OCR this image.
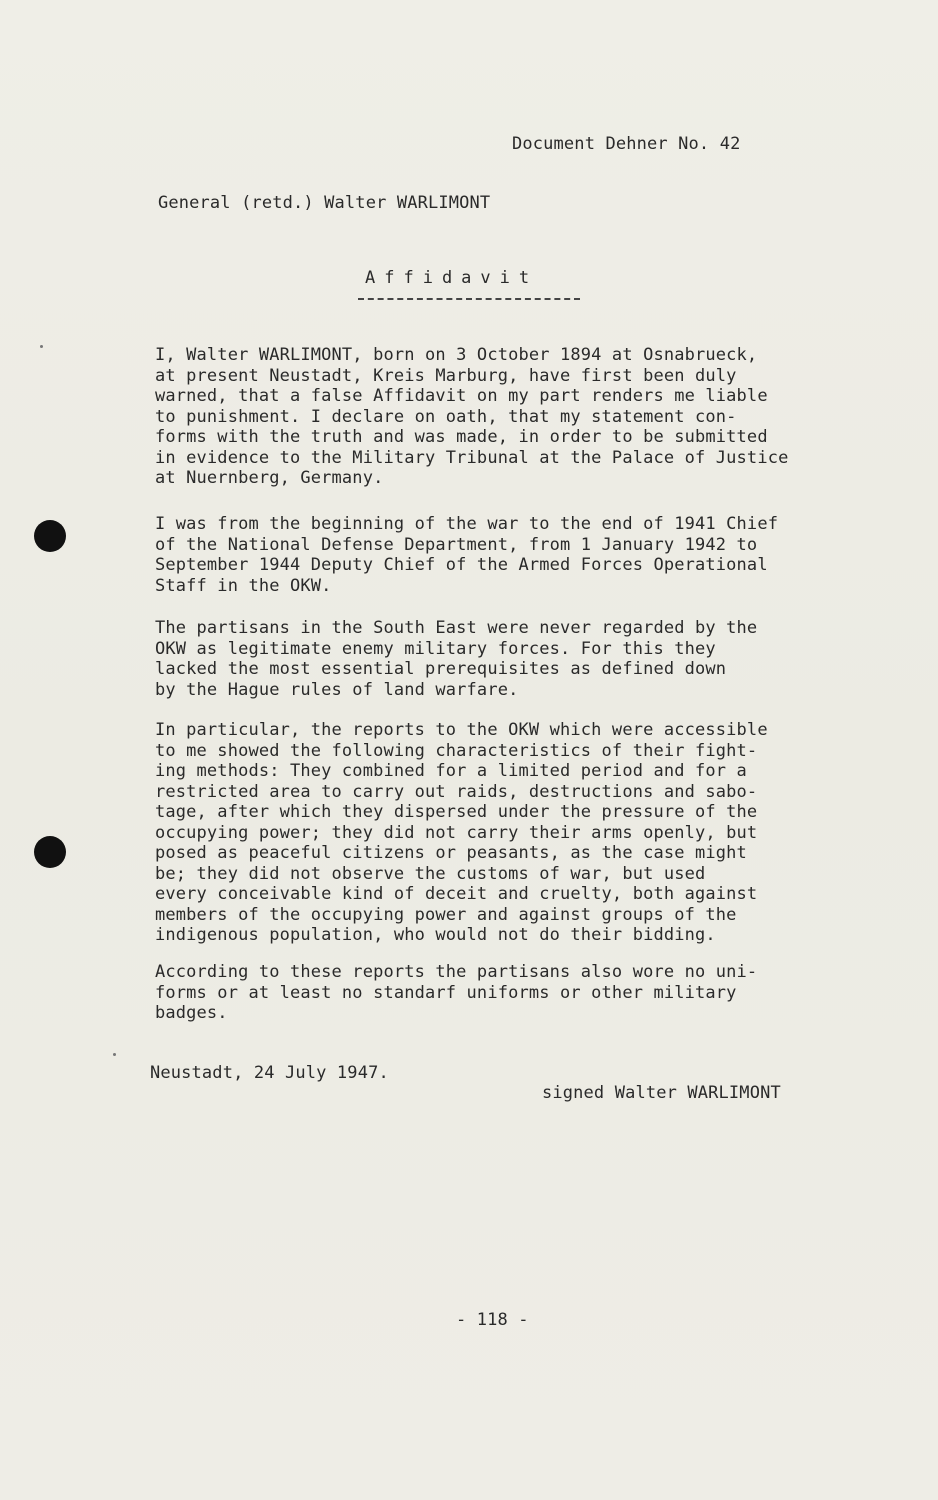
Document Dehner No. 42
General (retd.) Walter WARLIMONT
Affidavit
I, Walter WARLIMONT, born on 3 October 1894 at Osnabrueck,
at present Neustadt, Kreis Marburg, have first been duly
warned, that a false Affidavit on my part renders me liable
to punishment. I declare on oath, that my statement con-
forms with the truth and was made, in order to be submitted
in evidence to the Military Tribunal at the Palace of Justice
at Nuernberg, Germany.
I was from the beginning of the war to the end of 1941 Chief
of the National Defense Department, from 1 January 1942 to
September 1944 Deputy Chief of the Armed Forces Operational
Staff in the OKW.
The partisans in the South East were never regarded by the
OKW as legitimate enemy military forces. For this they
lacked the most essential prerequisites as defined down
by the Hague rules of land warfare.
In particular, the reports to the OKW which were accessible
to me showed the following characteristics of their fight-
ing methods: They combined for a limited period and for a
restricted area to carry out raids, destructions and sabo-
tage, after which they dispersed under the pressure of the
occupying power; they did not carry their arms openly, but
posed as peaceful citizens or peasants, as the case might
be; they did not observe the customs of war, but used
every conceivable kind of deceit and cruelty, both against
members of the occupying power and against groups of the
indigenous population, who would not do their bidding.
According to these reports the partisans also wore no uni-
forms or at least no standarf uniforms or other military
badges.
Neustadt, 24 July 1947.
signed Walter WARLIMONT
- 118 -
